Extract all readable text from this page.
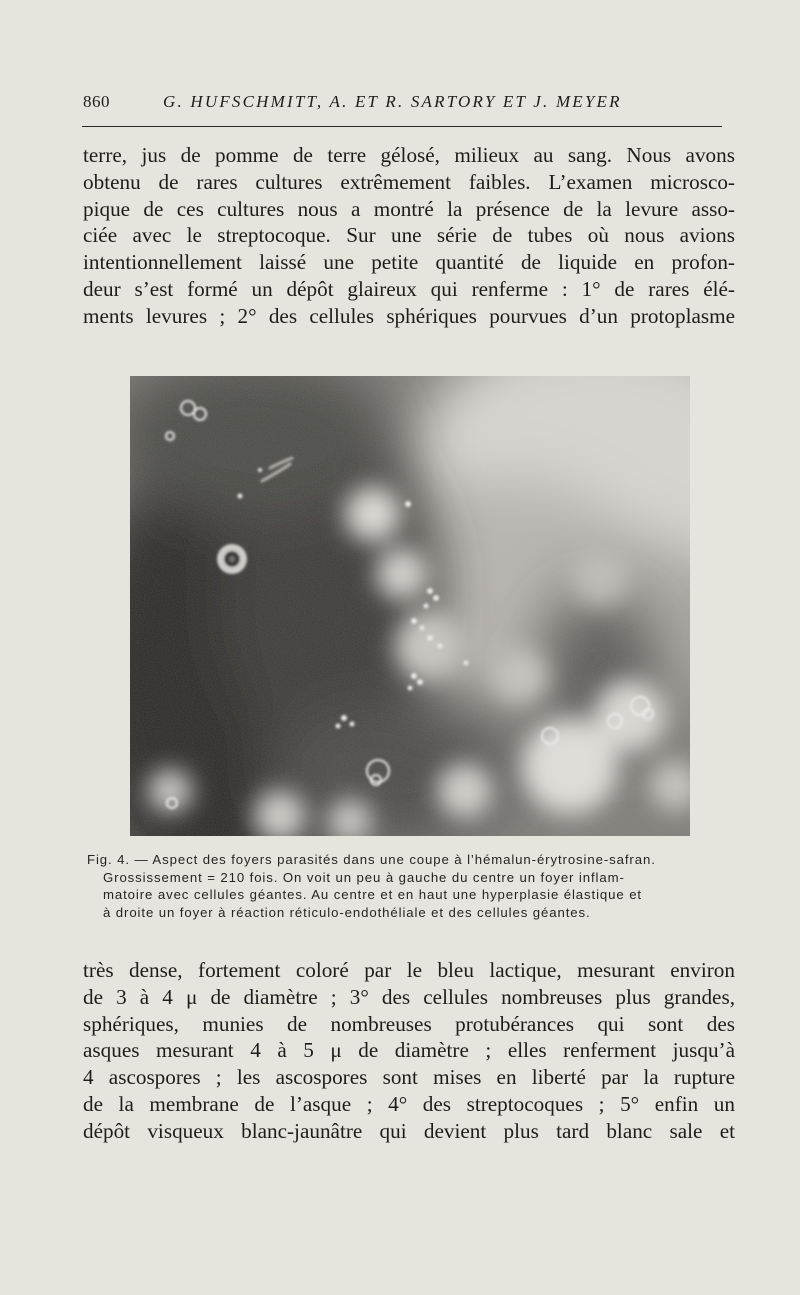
860	G. HUFSCHMITT, A. ET R. SARTORY ET J. MEYER
terre, jus de pomme de terre gélosé, milieux au sang. Nous avons
obtenu de rares cultures extrêmement faibles. L’examen microsco-
pique de ces cultures nous a montré la présence de la levure asso-
ciée avec le streptocoque. Sur une série de tubes où nous avions
intentionnellement laissé une petite quantité de liquide en profon-
deur s’est formé un dépôt glaireux qui renferme : 1° de rares élé-
ments levures ; 2° des cellules sphériques pourvues d’un protoplasme
Fig. 4. — Aspect des foyers parasités dans une coupe à l’hémalun-érytrosine-safran.
Grossissement = 210 fois. On voit un peu à gauche du centre un foyer inflam-
matoire avec cellules géantes. Au centre et en haut une hyperplasie élastique et
à droite un foyer à réaction réticulo-endothéliale et des cellules géantes.
très dense, fortement coloré par le bleu lactique, mesurant environ
de 3 à 4 μ de diamètre ; 3° des cellules nombreuses plus grandes,
sphériques, munies de nombreuses protubérances qui sont des
asques mesurant 4 à 5 μ de diamètre ; elles renferment jusqu’à
4 ascospores ; les ascospores sont mises en liberté par la rupture
de la membrane de l’asque ; 4° des streptocoques ; 5° enfin un
dépôt visqueux blanc-jaunâtre qui devient plus tard blanc sale et
